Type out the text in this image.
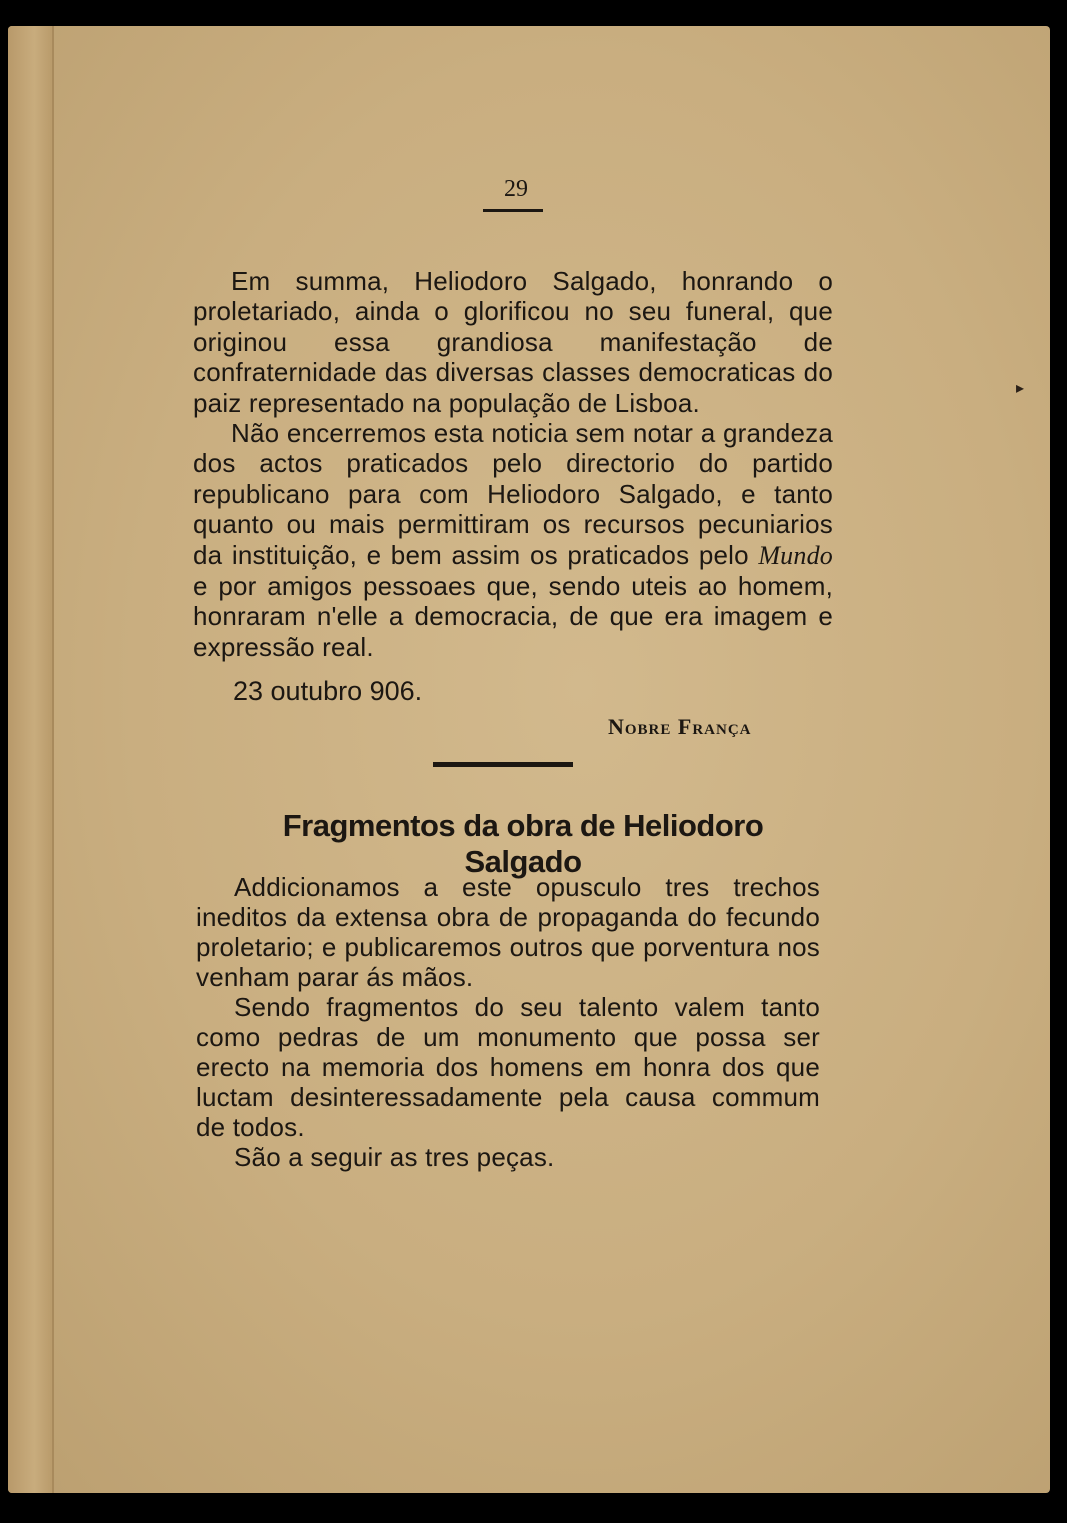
29

Em summa, Heliodoro Salgado, honrando o proletariado, ainda o glorificou no seu funeral, que originou essa grandiosa manifestação de confraternidade das diversas classes democraticas do paiz representado na população de Lisboa.

Não encerremos esta noticia sem notar a grandeza dos actos praticados pelo directorio do partido republicano para com Heliodoro Salgado, e tanto quanto ou mais permittiram os recursos pecuniarios da instituição, e bem assim os praticados pelo Mundo e por amigos pessoaes que, sendo uteis ao homem, honraram n'elle a democracia, de que era imagem e expressão real.

23 outubro 906.
Nobre França
Fragmentos da obra de Heliodoro Salgado

Addicionamos a este opusculo tres trechos ineditos da extensa obra de propaganda do fecundo proletario; e publicaremos outros que porventura nos venham parar ás mãos.

Sendo fragmentos do seu talento valem tanto como pedras de um monumento que possa ser erecto na memoria dos homens em honra dos que luctam desinteressadamente pela causa commum de todos.

São a seguir as tres peças.

▸
